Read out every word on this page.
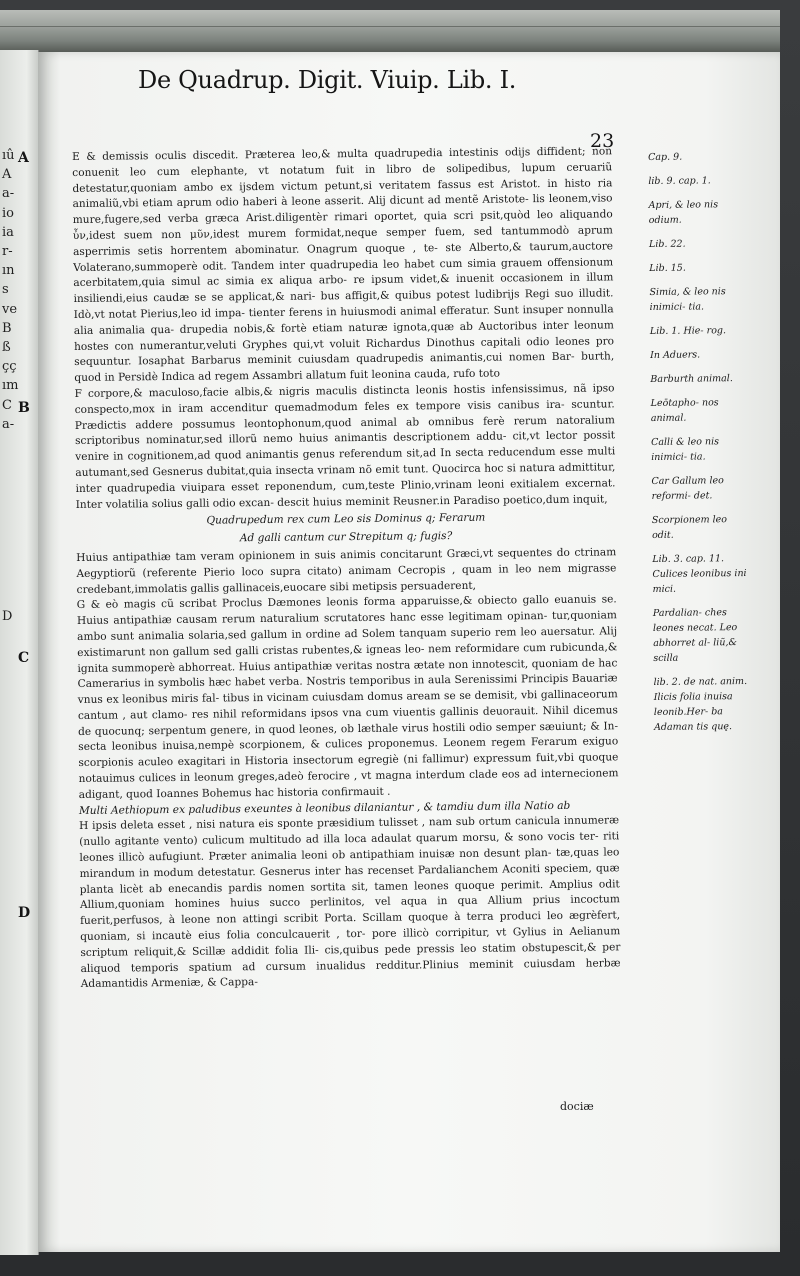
ıû
A
a-
io
ia
r-
ın
s
ve
B
ß
çç
ım
C
a-

D
De Quadrup. Digit. Viuip. Lib. I.
23
A
B
C
D

E & demissis oculis discedit. Præterea leo,& multa quadrupedia intestinis odijs diffident; non conuenit leo cum elephante, vt notatum fuit in libro de solipedibus, lupum ceruariũ detestatur,quoniam ambo ex ijsdem victum petunt,si veritatem fassus est Aristot. in histo ria animaliũ,vbi etiam aprum odio haberi à leone asserit. Alij dicunt ad mentẽ Aristote- lis leonem,viso mure,fugere,sed verba græca Arist.diligentèr rimari oportet, quia scri psit,quòd leo aliquando ὖν,idest suem non μῦν,idest murem formidat,neque semper fuem, sed tantummodò aprum asperrimis setis horrentem abominatur. Onagrum quoque , te- ste Alberto,& taurum,auctore Volaterano,summoperè odit. Tandem inter quadrupedia leo habet cum simia grauem offensionum acerbitatem,quia simul ac simia ex aliqua arbo- re ipsum videt,& inuenit occasionem in illum insiliendi,eius caudæ se se applicat,& nari- bus affigit,& quibus potest ludibrijs Regi suo illudit. Idò,vt notat Pierius,leo id impa- tienter ferens in huiusmodi animal efferatur. Sunt insuper nonnulla alia animalia qua- drupedia nobis,& fortè etiam naturæ ignota,quæ ab Auctoribus inter leonum hostes con numerantur,veluti Gryphes qui,vt voluit Richardus Dinothus capitali odio leones pro sequuntur. Iosaphat Barbarus meminit cuiusdam quadrupedis animantis,cui nomen Bar- burth, quod in Persidè Indica ad regem Assambri allatum fuit leonina cauda, rufo toto

F corpore,& maculoso,facie albis,& nigris maculis distincta leonis hostis infensissimus, nã ipso conspecto,mox in iram accenditur quemadmodum feles ex tempore visis canibus ira- scuntur. Prædictis addere possumus leontophonum,quod animal ab omnibus ferè rerum natoralium scriptoribus nominatur,sed illorũ nemo huius animantis descriptionem addu- cit,vt lector possit venire in cognitionem,ad quod animantis genus referendum sit,ad In secta reducendum esse multi autumant,sed Gesnerus dubitat,quia insecta vrinam nõ emit tunt. Quocirca hoc si natura admittitur, inter quadrupedia viuipara esset reponendum, cum,teste Plinio,vrinam leoni exitialem excernat. Inter volatilia solius galli odio excan- descit huius meminit Reusner.in Paradiso poetico,dum inquit,

Quadrupedum rex cum Leo sis Dominus q; Ferarum

Ad galli cantum cur Strepitum q; fugis?

Huius antipathiæ tam veram opinionem in suis animis concitarunt Græci,vt sequentes do ctrinam Aegyptiorũ (referente Pierio loco supra citato) animam Cecropis , quam in leo nem migrasse credebant,immolatis gallis gallinaceis,euocare sibi metipsis persuaderent,

G & eò magis cũ scribat Proclus Dæmones leonis forma apparuisse,& obiecto gallo euanuis se. Huius antipathiæ causam rerum naturalium scrutatores hanc esse legitimam opinan- tur,quoniam ambo sunt animalia solaria,sed gallum in ordine ad Solem tanquam superio rem leo auersatur. Alij existimarunt non gallum sed galli cristas rubentes,& igneas leo- nem reformidare cum rubicunda,& ignita summoperè abhorreat. Huius antipathiæ veritas nostra ætate non innotescit, quoniam de hac Camerarius in symbolis hæc habet verba. Nostris temporibus in aula Serenissimi Principis Bauariæ vnus ex leonibus miris fal- tibus in vicinam cuiusdam domus aream se se demisit, vbi gallinaceorum cantum , aut clamo- res nihil reformidans ipsos vna cum viuentis gallinis deuorauit. Nihil dicemus de quocunq; serpentum genere, in quod leones, ob læthale virus hostili odio semper sæuiunt; & In- secta leonibus inuisa,nempè scorpionem, & culices proponemus. Leonem regem Ferarum exiguo scorpionis aculeo exagitari in Historia insectorum egregiè (ni fallimur) expressum fuit,vbi quoque notauimus culices in leonum greges,adeò ferocire , vt magna interdum clade eos ad internecionem adigant, quod Ioannes Bohemus hac historia confirmauit .

Multi Aethiopum ex paludibus exeuntes à leonibus dilaniantur , & tamdiu dum illa Natio ab

H ipsis deleta esset , nisi natura eis sponte præsidium tulisset , nam sub ortum canicula innumeræ (nullo agitante vento) culicum multitudo ad illa loca adaulat quarum morsu, & sono vocis ter- riti leones illicò aufugiunt. Præter animalia leoni ob antipathiam inuisæ non desunt plan- tæ,quas leo mirandum in modum detestatur. Gesnerus inter has recenset Pardalianchem Aconiti speciem, quæ planta licèt ab enecandis pardis nomen sortita sit, tamen leones quoque perimit. Amplius odit Allium,quoniam homines huius succo perlinitos, vel aqua in qua Allium prius incoctum fuerit,perfusos, à leone non attingi scribit Porta. Scillam quoque à terra produci leo ægrèfert, quoniam, si incautè eius folia conculcauerit , tor- pore illicò corripitur, vt Gylius in Aelianum scriptum reliquit,& Scillæ addidit folia Ili- cis,quibus pede pressis leo statim obstupescit,& per aliquod temporis spatium ad cursum inualidus redditur.Plinius meminit cuiusdam herbæ Adamantidis Armeniæ, & Cappa-

Cap. 9.
lib. 9. cap. 1.
Apri, & leo nis odium.
Lib. 22.
Lib. 15.
Simia, & leo nis inimici- tia.
Lib. 1. Hie- rog.
In Aduers.
Barburth animal.
Leōtapho- nos animal.
Calli & leo nis inimici- tia.
Car Gallum leo reformi- det.
Scorpionem leo odit.
Lib. 3. cap. 11. Culices leonibus ini mici.
Pardalian- ches leones necat. Leo abhorret al- liũ,& scilla
lib. 2. de nat. anim. Ilicis folia inuisa leonib.Her- ba Adaman tis quę.
dociæ
